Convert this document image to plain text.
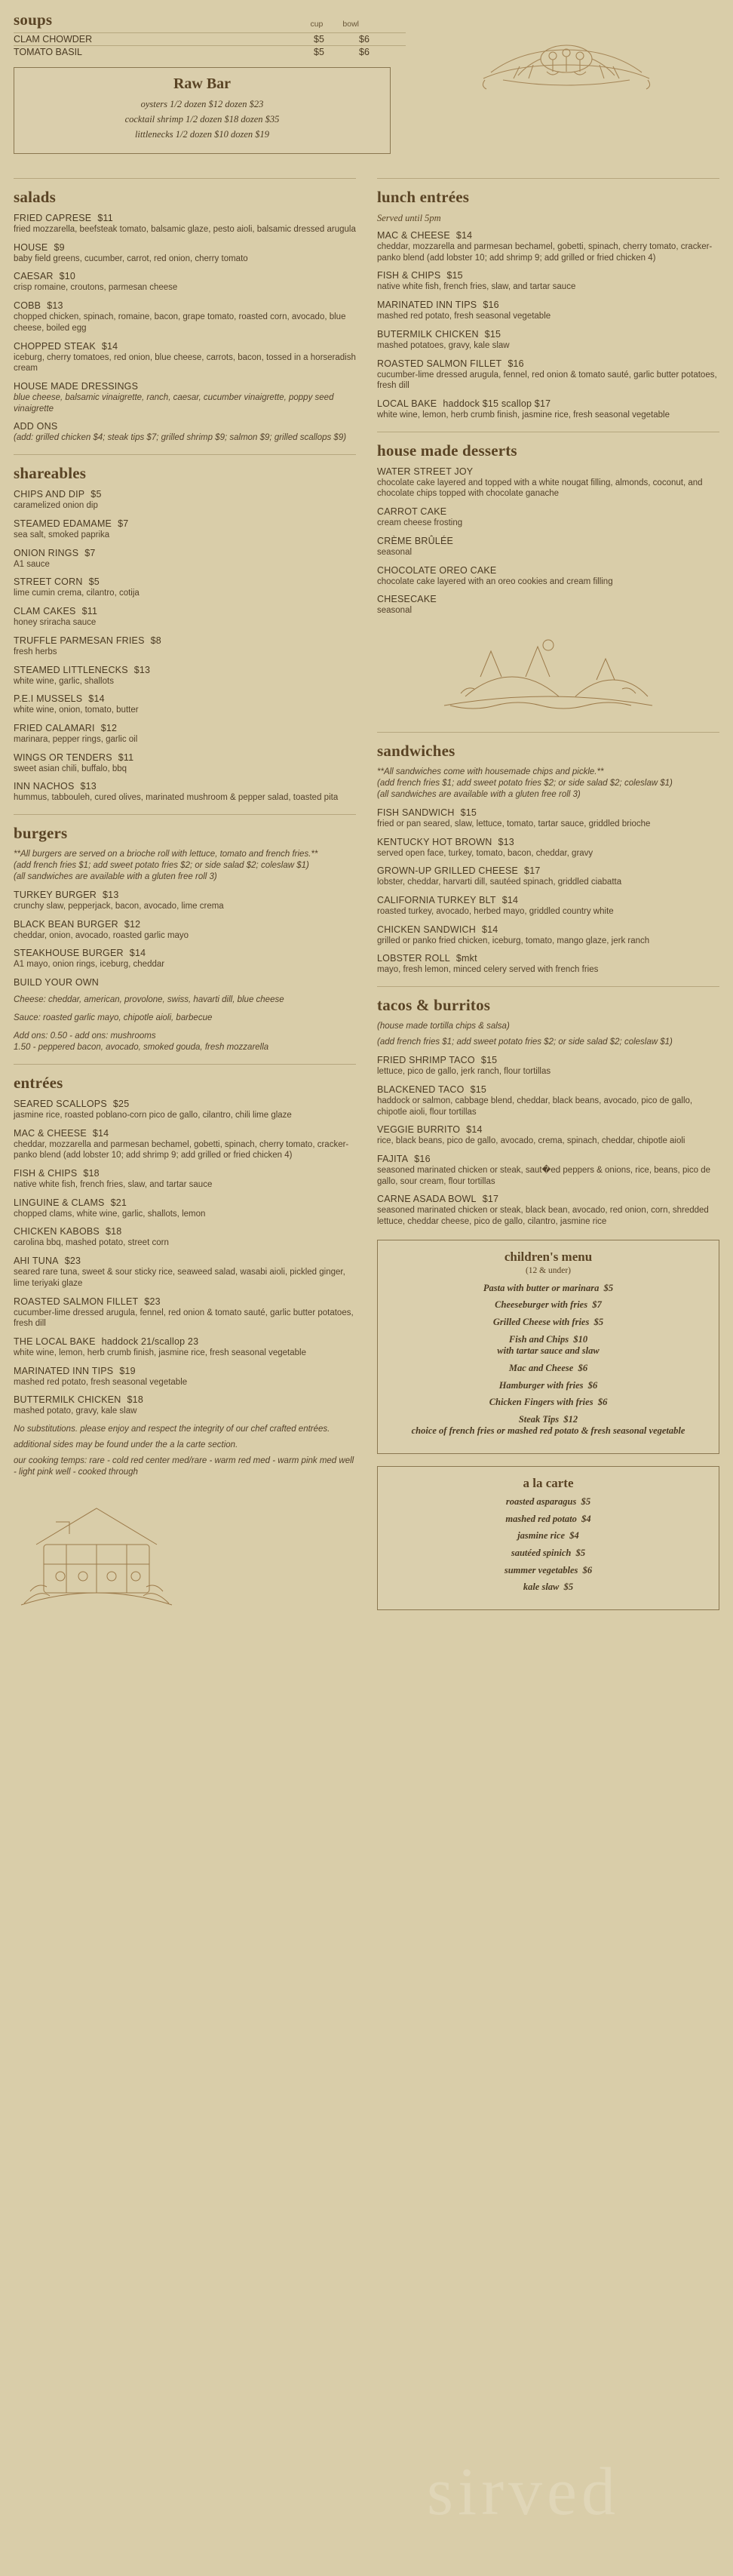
soups	cup bowl
CLAM CHOWDER	$5	$6
TOMATO BASIL	$5	$6
Raw Bar
oysters 1/2 dozen $12 dozen $23
cocktail shrimp 1/2 dozen $18 dozen $35
littlenecks 1/2 dozen $10 dozen $19
salads
FRIED CAPRESE $11
fried mozzarella, beefsteak tomato, balsamic glaze, pesto aioli, balsamic dressed arugula
HOUSE $9
baby field greens, cucumber, carrot, red onion, cherry tomato
CAESAR $10
crisp romaine, croutons, parmesan cheese
COBB $13
chopped chicken, spinach, romaine, bacon, grape tomato, roasted corn, avocado, blue cheese, boiled egg
CHOPPED STEAK $14
iceburg, cherry tomatoes, red onion, blue cheese, carrots, bacon, tossed in a horseradish cream
HOUSE MADE DRESSINGS
blue cheese, balsamic vinaigrette, ranch, caesar, cucumber vinaigrette, poppy seed vinaigrette
ADD ONS
(add: grilled chicken $4; steak tips $7; grilled shrimp $9; salmon $9; grilled scallops $9)
shareables
CHIPS AND DIP $5
caramelized onion dip
STEAMED EDAMAME $7
sea salt, smoked paprika
ONION RINGS $7
A1 sauce
STREET CORN $5
lime cumin crema, cilantro, cotija
CLAM CAKES $11
honey sriracha sauce
TRUFFLE PARMESAN FRIES $8
fresh herbs
STEAMED LITTLENECKS $13
white wine, garlic, shallots
P.E.I MUSSELS $14
white wine, onion, tomato, butter
FRIED CALAMARI $12
marinara, pepper rings, garlic oil
WINGS OR TENDERS $11
sweet asian chili, buffalo, bbq
INN NACHOS $13
hummus, tabbouleh, cured olives, marinated mushroom & pepper salad, toasted pita
burgers
**All burgers are served on a brioche roll with lettuce, tomato and french fries.**
(add french fries $1; add sweet potato fries $2; or side salad $2; coleslaw $1)
(all sandwiches are available with a gluten free roll 3)
TURKEY BURGER $13
crunchy slaw, pepperjack, bacon, avocado, lime crema
BLACK BEAN BURGER $12
cheddar, onion, avocado, roasted garlic mayo
STEAKHOUSE BURGER $14
A1 mayo, onion rings, iceburg, cheddar
BUILD YOUR OWN
Cheese: cheddar, american, provolone, swiss, havarti dill, blue cheese
Sauce: roasted garlic mayo, chipotle aioli, barbecue
Add ons: 0.50 - add ons: mushrooms
1.50 - peppered bacon, avocado, smoked gouda, fresh mozzarella
entrées
SEARED SCALLOPS $25
jasmine rice, roasted poblano-corn pico de gallo, cilantro, chili lime glaze
MAC & CHEESE $14
cheddar, mozzarella and parmesan bechamel, gobetti, spinach, cherry tomato, cracker-panko blend (add lobster 10; add shrimp 9; add grilled or fried chicken 4)
FISH & CHIPS $18
native white fish, french fries, slaw, and tartar sauce
LINGUINE & CLAMS $21
chopped clams, white wine, garlic, shallots, lemon
CHICKEN KABOBS $18
carolina bbq, mashed potato, street corn
AHI TUNA $23
seared rare tuna, sweet & sour sticky rice, seaweed salad, wasabi aioli, pickled ginger, lime teriyaki glaze
ROASTED SALMON FILLET $23
cucumber-lime dressed arugula, fennel, red onion & tomato sauté, garlic butter potatoes, fresh dill
THE LOCAL BAKE haddock 21/scallop 23
white wine, lemon, herb crumb finish, jasmine rice, fresh seasonal vegetable
MARINATED INN TIPS $19
mashed red potato, fresh seasonal vegetable
BUTTERMILK CHICKEN $18
mashed potato, gravy, kale slaw
No substitutions. please enjoy and respect the integrity of our chef crafted entrées.
additional sides may be found under the a la carte section.
our cooking temps: rare - cold red center med/rare - warm red med - warm pink med well - light pink well - cooked through
lunch entrées
Served until 5pm
MAC & CHEESE $14
cheddar, mozzarella and parmesan bechamel, gobetti, spinach, cherry tomato, cracker-panko blend (add lobster 10; add shrimp 9; add grilled or fried chicken 4)
FISH & CHIPS $15
native white fish, french fries, slaw, and tartar sauce
MARINATED INN TIPS $16
mashed red potato, fresh seasonal vegetable
BUTERMILK CHICKEN $15
mashed potatoes, gravy, kale slaw
ROASTED SALMON FILLET $16
cucumber-lime dressed arugula, fennel, red onion & tomato sauté, garlic butter potatoes, fresh dill
LOCAL BAKE haddock $15 scallop $17
white wine, lemon, herb crumb finish, jasmine rice, fresh seasonal vegetable
house made desserts
WATER STREET JOY
chocolate cake layered and topped with a white nougat filling, almonds, coconut, and chocolate chips topped with chocolate ganache
CARROT CAKE
cream cheese frosting
CRÈME BRÛLÉE
seasonal
CHOCOLATE OREO CAKE
chocolate cake layered with an oreo cookies and cream filling
CHESECAKE
seasonal
sandwiches
**All sandwiches come with housemade chips and pickle.**
(add french fries $1; add sweet potato fries $2; or side salad $2; coleslaw $1)
(all sandwiches are available with a gluten free roll 3)
FISH SANDWICH $15
fried or pan seared, slaw, lettuce, tomato, tartar sauce, griddled brioche
KENTUCKY HOT BROWN $13
served open face, turkey, tomato, bacon, cheddar, gravy
GROWN-UP GRILLED CHEESE $17
lobster, cheddar, harvarti dill, sautéed spinach, griddled ciabatta
CALIFORNIA TURKEY BLT $14
roasted turkey, avocado, herbed mayo, griddled country white
CHICKEN SANDWICH $14
grilled or panko fried chicken, iceburg, tomato, mango glaze, jerk ranch
LOBSTER ROLL $mkt
mayo, fresh lemon, minced celery served with french fries
tacos & burritos
(house made tortilla chips & salsa)
(add french fries $1; add sweet potato fries $2; or side salad $2; coleslaw $1)
FRIED SHRIMP TACO $15
lettuce, pico de gallo, jerk ranch, flour tortillas
BLACKENED TACO $15
haddock or salmon, cabbage blend, cheddar, black beans, avocado, pico de gallo, chipotle aioli, flour tortillas
VEGGIE BURRITO $14
rice, black beans, pico de gallo, avocado, crema, spinach, cheddar, chipotle aioli
FAJITA $16
seasoned marinated chicken or steak, saut�ed peppers & onions, rice, beans, pico de gallo, sour cream, flour tortillas
CARNE ASADA BOWL $17
seasoned marinated chicken or steak, black bean, avocado, red onion, corn, shredded lettuce, cheddar cheese, pico de gallo, cilantro, jasmine rice
children's menu
(12 & under)
Pasta with butter or marinara $5
Cheeseburger with fries $7
Grilled Cheese with fries $5
Fish and Chips $10
with tartar sauce and slaw
Mac and Cheese $6
Hamburger with fries $6
Chicken Fingers with fries $6
Steak Tips $12
choice of french fries or mashed red potato & fresh seasonal vegetable
a la carte
roasted asparagus $5
mashed red potato $4
jasmine rice $4
sautéed spinich $5
summer vegetables $6
kale slaw $5
sirved
